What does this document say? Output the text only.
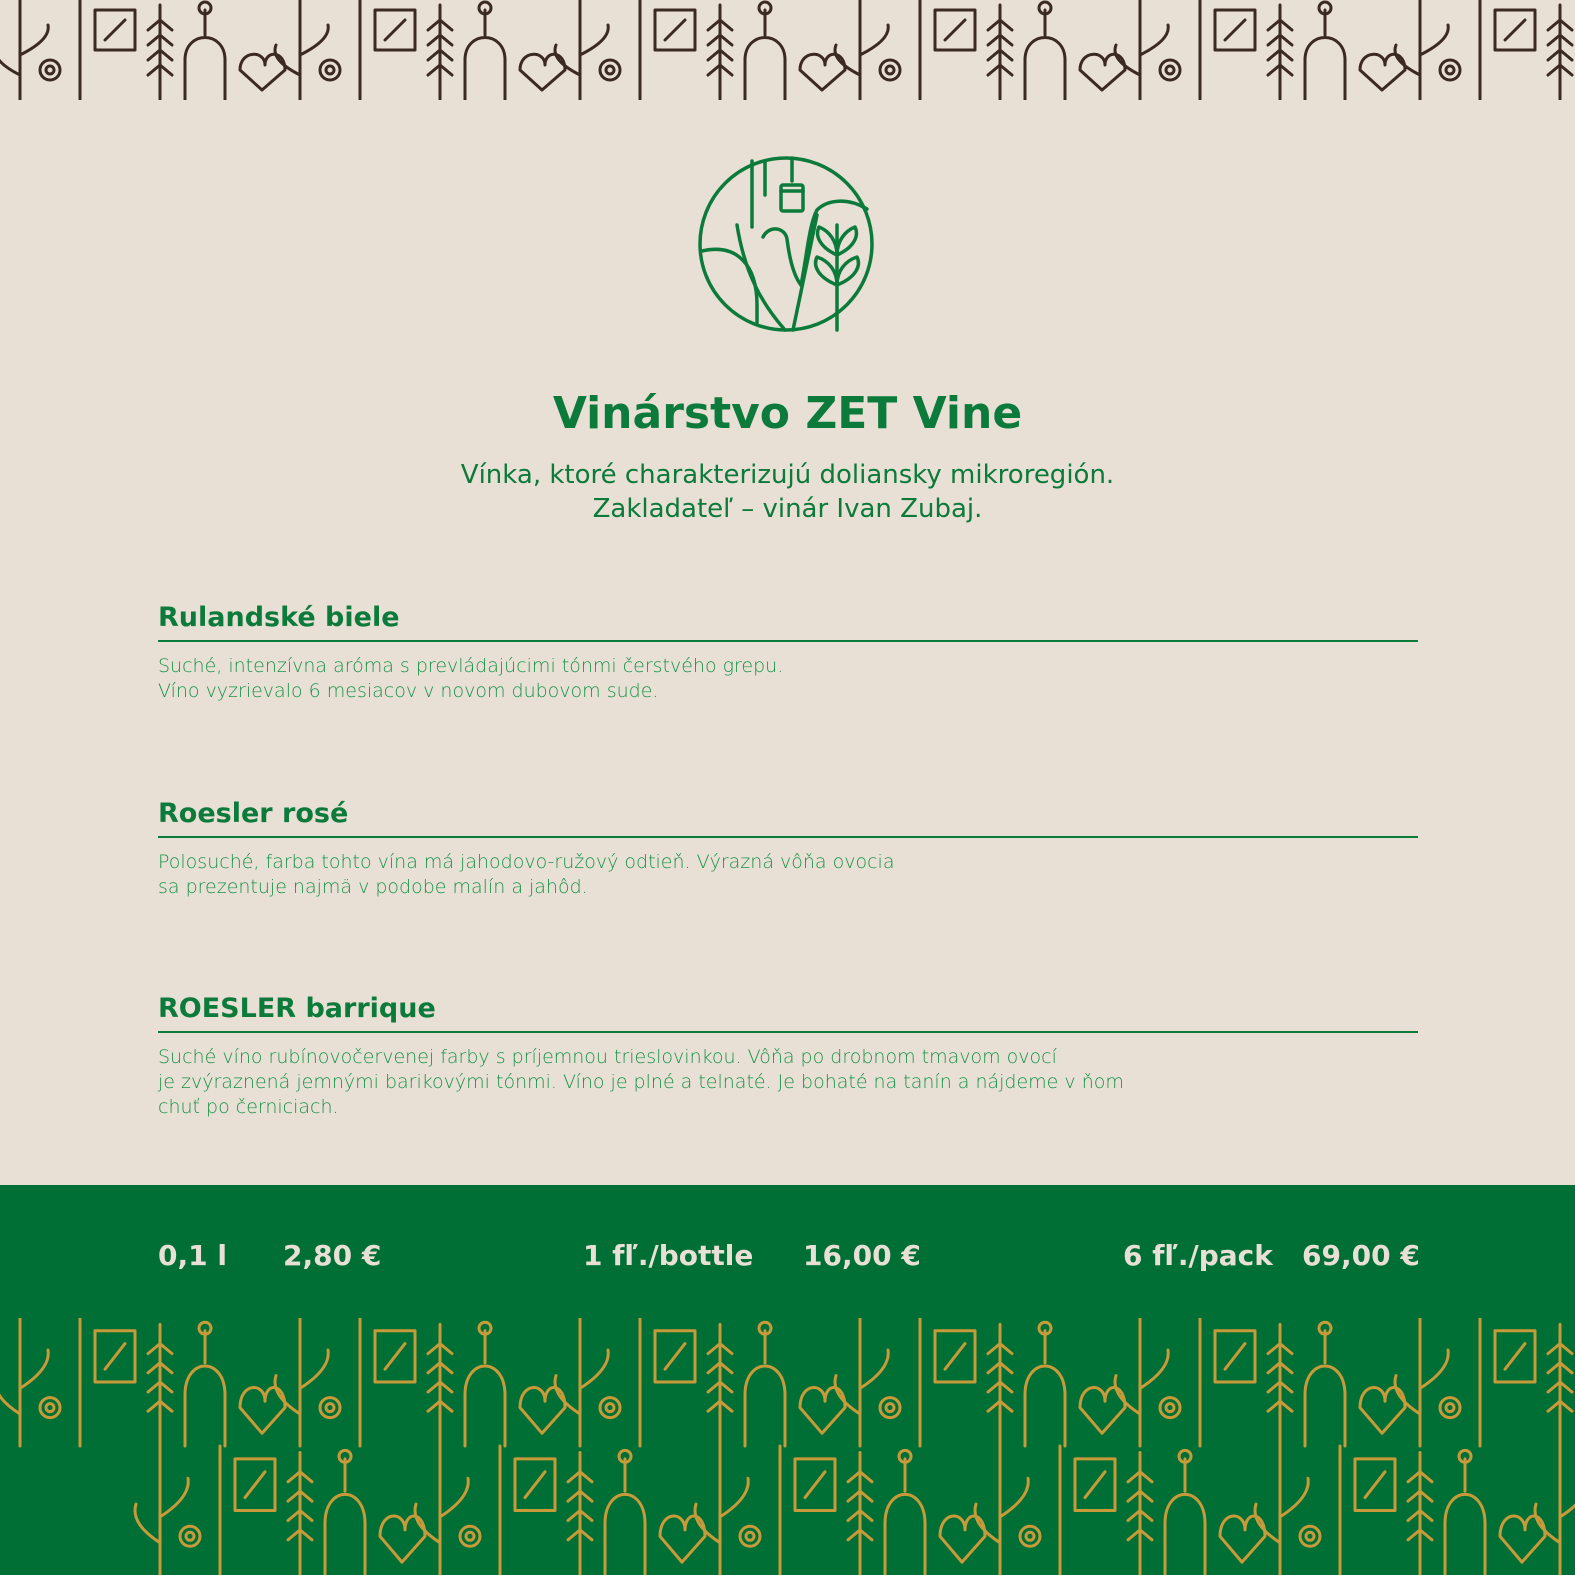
Vinárstvo ZET Vine
Vínka, ktoré charakterizujú doliansky mikroregión.
Zakladateľ – vinár Ivan Zubaj.
Rulandské biele
Suché, intenzívna aróma s prevládajúcimi tónmi čerstvého grepu.
Víno vyzrievalo 6 mesiacov v novom dubovom sude.
Roesler rosé
Polosuché, farba tohto vína má jahodovo-ružový odtieň. Výrazná vôňa ovocia
sa prezentuje najmä v podobe malín a jahôd.
ROESLER barrique
Suché víno rubínovočervenej farby s príjemnou trieslovinkou. Vôňa po drobnom tmavom ovocí
je zvýraznená jemnými barikovými tónmi. Víno je plné a telnaté. Je bohaté na tanín a nájdeme v ňom
chuť po černiciach.
0,1 l 2,80 €	1 fľ./bottle 16,00 €	6 fľ./pack 69,00 €
